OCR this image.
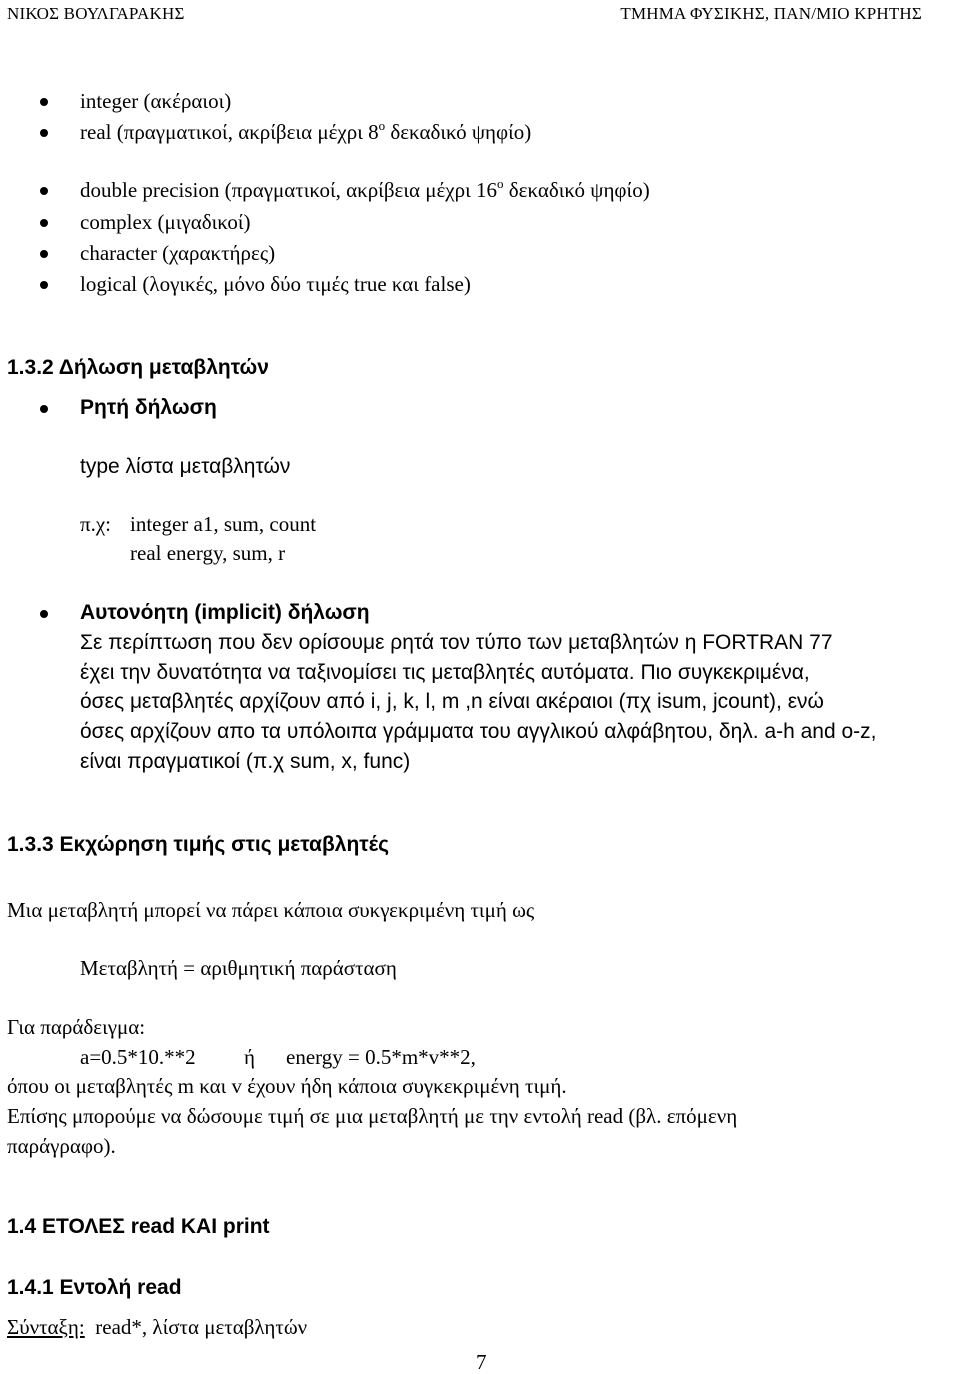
ΝΙΚΟΣ ΒΟΥΛΓΑΡΑΚΗΣ	ΤΜΗΜΑ ΦΥΣΙΚΗΣ, ΠΑΝ/ΜΙΟ ΚΡΗΤΗΣ
integer (ακέραιοι)
real (πραγματικοί, ακρίβεια μέχρι $8^o$ δεκαδικό ψηφίο)
double precision (πραγματικοί, ακρίβεια μέχρι $16^o$ δεκαδικό ψηφίο)
complex (μιγαδικοί)
character (χαρακτήρες)
logical (λογικές, μόνο δύο τιμές true και false)
1.3.2 Δήλωση μεταβλητών
Ρητή δήλωση
type λίστα μεταβλητών
π.χ: integer a1, sum, count
real energy, sum, r
Αυτονόητη (implicit) δήλωση
Σε περίπτωση που δεν ορίσουμε ρητά τον τύπο των μεταβλητών η FORTRAN 77
έχει την δυνατότητα να ταξινομίσει τις μεταβλητές αυτόματα. Πιο συγκεκριμένα,
όσες μεταβλητές αρχίζουν από i, j, k, l, m ,n είναι ακέραιοι (πχ isum, jcount), ενώ
όσες αρχίζουν απο τα υπόλοιπα γράμματα του αγγλικού αλφάβητου, δηλ. a-h and o-z,
είναι πραγματικοί (π.χ sum, x, func)
1.3.3 Εκχώρηση τιμής στις μεταβλητές
Μια μεταβλητή μπορεί να πάρει κάποια συκγεκριμένη τιμή ως
Μεταβλητή = αριθμητική παράσταση
Για παράδειγμα:
a=0.5*10.**2 ή energy = 0.5*m*v**2,
όπου οι μεταβλητές m και v έχουν ήδη κάποια συγκεκριμένη τιμή.
Επίσης μπορούμε να δώσουμε τιμή σε μια μεταβλητή με την εντολή read (βλ. επόμενη
παράγραφο).
1.4 ΕΤΟΛΕΣ read ΚΑΙ print
1.4.1 Εντολή read
Σύνταξη: read*, λίστα μεταβλητών
7
